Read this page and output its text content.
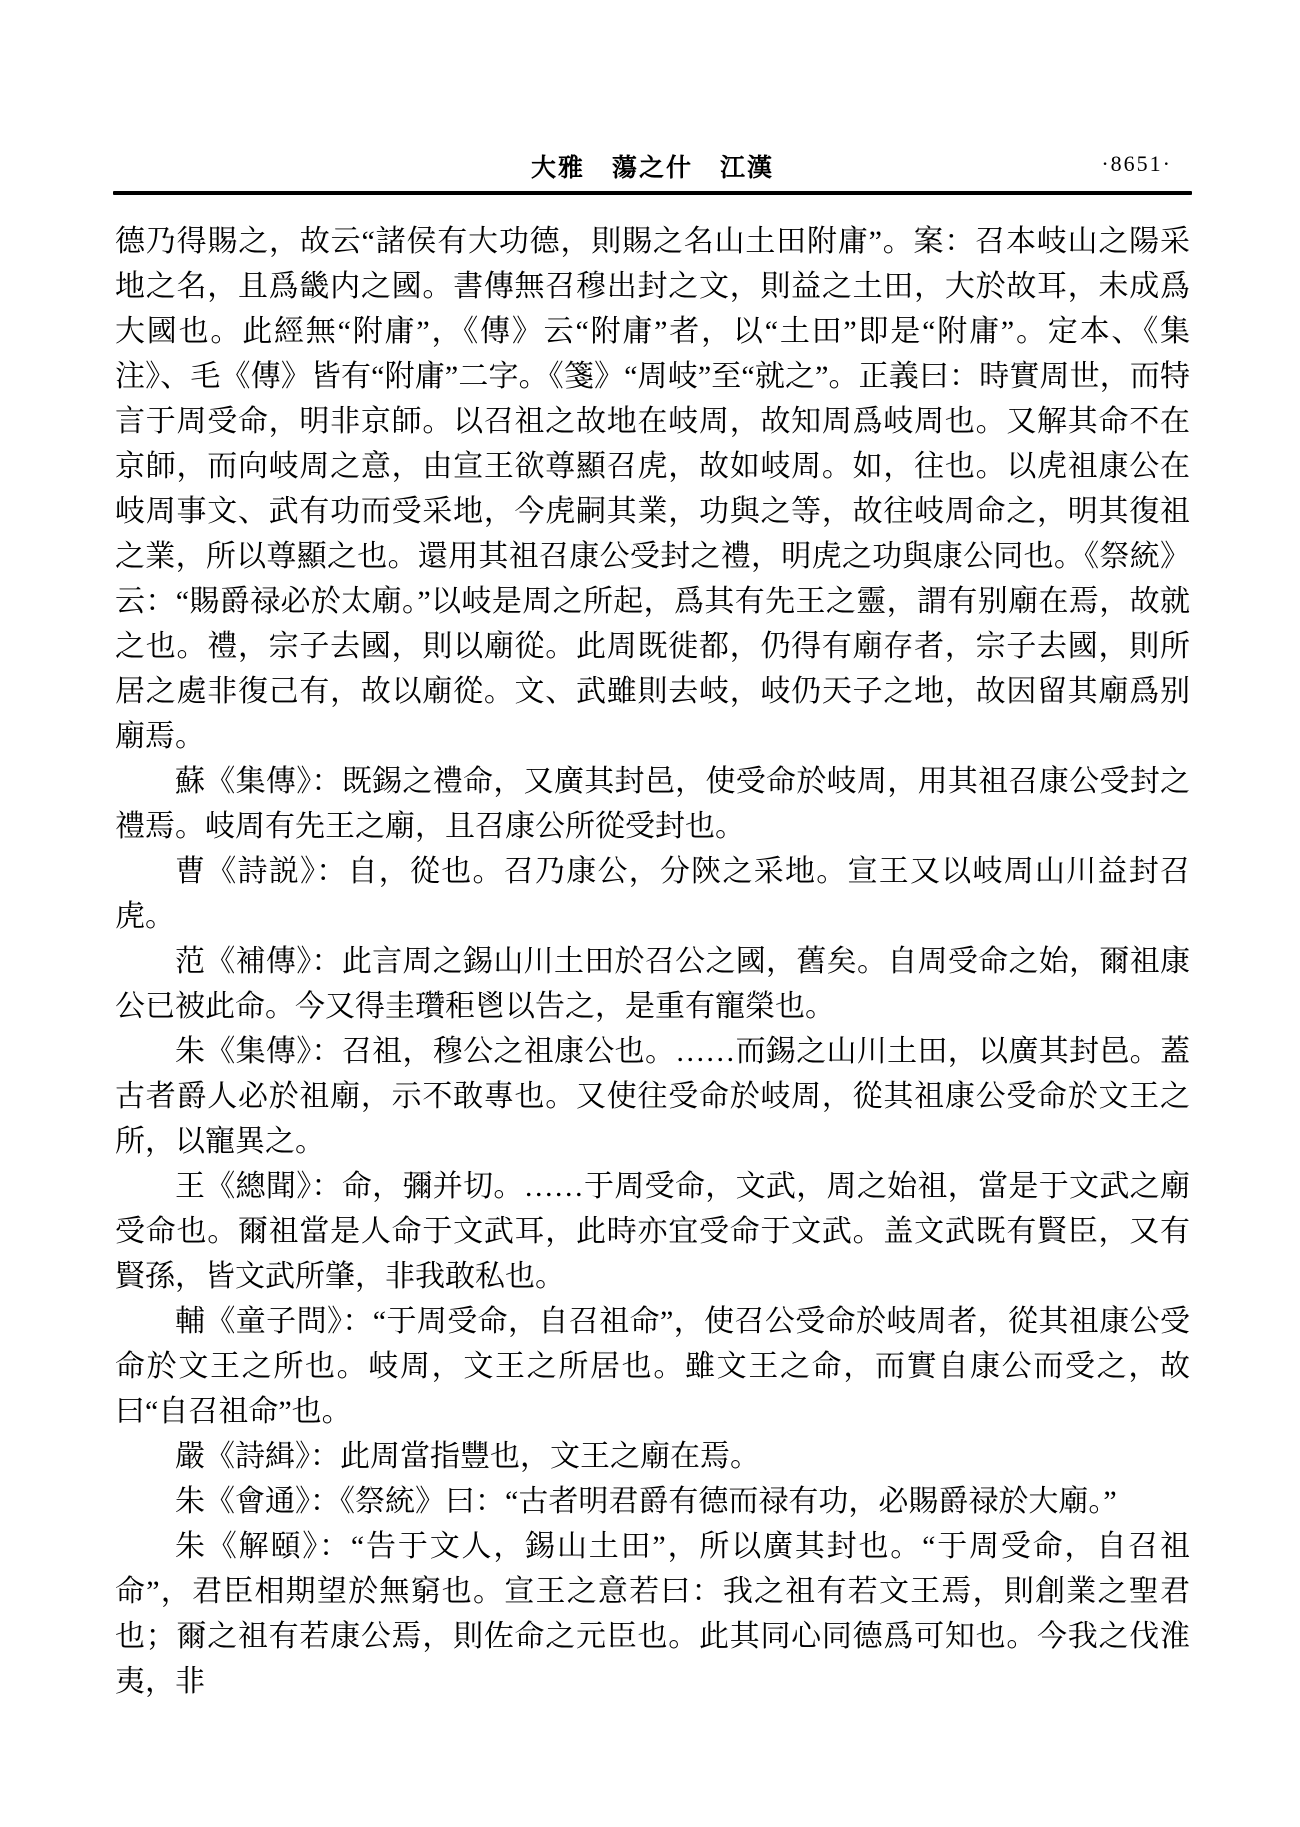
大雅　蕩之什　江漢	·8651·

德乃得賜之，故云“諸侯有大功德，則賜之名山土田附庸”。案：召本岐山之陽采地之名，且爲畿内之國。書傳無召穆出封之文，則益之土田，大於故耳，未成爲大國也。此經無“附庸”，《傳》云“附庸”者，以“土田”即是“附庸”。定本、《集注》、毛《傳》皆有“附庸”二字。《箋》“周岐”至“就之”。正義曰：時實周世，而特言于周受命，明非京師。以召祖之故地在岐周，故知周爲岐周也。又解其命不在京師，而向岐周之意，由宣王欲尊顯召虎，故如岐周。如，往也。以虎祖康公在岐周事文、武有功而受采地，今虎嗣其業，功與之等，故往岐周命之，明其復祖之業，所以尊顯之也。還用其祖召康公受封之禮，明虎之功與康公同也。《祭統》云：“賜爵禄必於太廟。”以岐是周之所起，爲其有先王之靈，謂有别廟在焉，故就之也。禮，宗子去國，則以廟從。此周既徙都，仍得有廟存者，宗子去國，則所居之處非復己有，故以廟從。文、武雖則去岐，岐仍天子之地，故因留其廟爲别廟焉。

蘇《集傳》：既錫之禮命，又廣其封邑，使受命於岐周，用其祖召康公受封之禮焉。岐周有先王之廟，且召康公所從受封也。

曹《詩説》：自，從也。召乃康公，分陝之采地。宣王又以岐周山川益封召虎。

范《補傳》：此言周之錫山川土田於召公之國，舊矣。自周受命之始，爾祖康公已被此命。今又得圭瓚秬鬯以告之，是重有寵榮也。

朱《集傳》：召祖，穆公之祖康公也。……而錫之山川土田，以廣其封邑。蓋古者爵人必於祖廟，示不敢專也。又使往受命於岐周，從其祖康公受命於文王之所，以寵異之。

王《總聞》：命，彌并切。……于周受命，文武，周之始祖，當是于文武之廟受命也。爾祖當是人命于文武耳，此時亦宜受命于文武。盖文武既有賢臣，又有賢孫，皆文武所肇，非我敢私也。

輔《童子問》：“于周受命，自召祖命”，使召公受命於岐周者，從其祖康公受命於文王之所也。岐周，文王之所居也。雖文王之命，而實自康公而受之，故曰“自召祖命”也。

嚴《詩緝》：此周當指豐也，文王之廟在焉。

朱《會通》：《祭統》曰：“古者明君爵有德而禄有功，必賜爵禄於大廟。”

朱《解頤》：“告于文人，錫山土田”，所以廣其封也。“于周受命，自召祖命”，君臣相期望於無窮也。宣王之意若曰：我之祖有若文王焉，則創業之聖君也；爾之祖有若康公焉，則佐命之元臣也。此其同心同德爲可知也。今我之伐淮夷，非
